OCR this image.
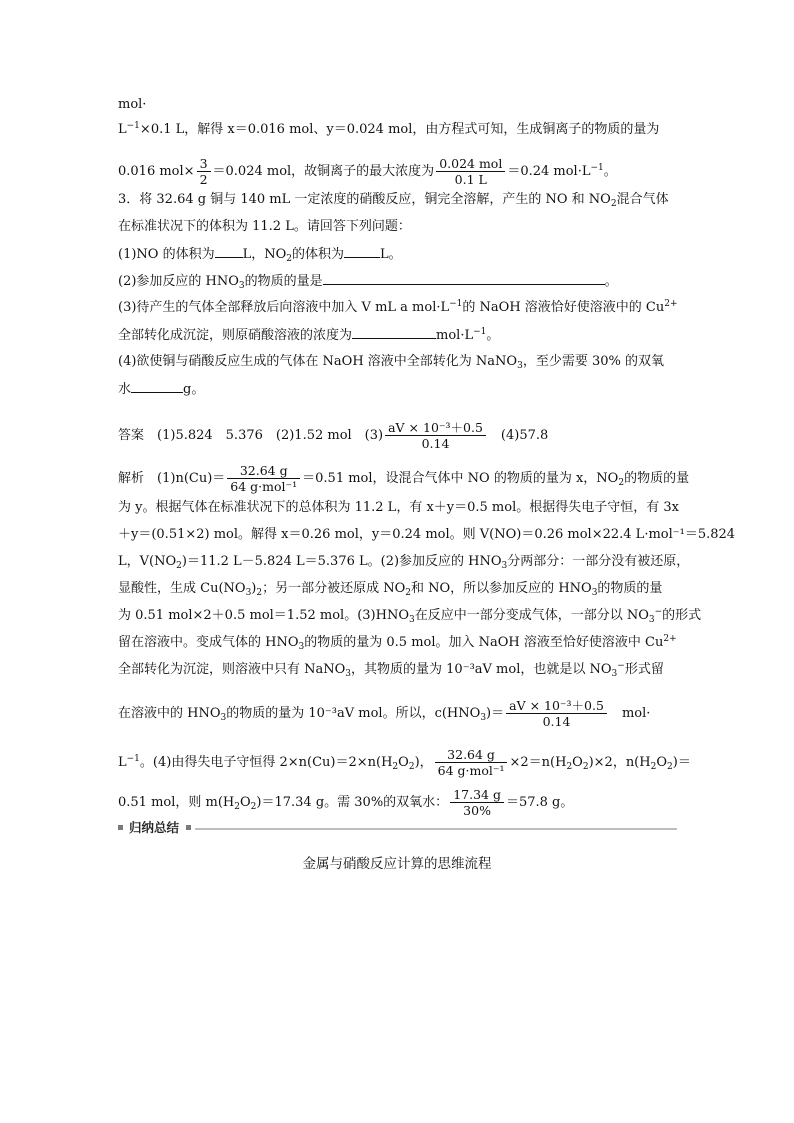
mol·
$L^{-1}\times 0.1$ L，解得 x＝0.016 mol、y＝0.024 mol，由方程式可知，生成铜离子的物质的量为
0.016 $mol\times \frac{3}{2} =0.024$ mol，故铜离子的最大浓度为 $\frac{\text{0.024 mol}}{0.1 L} =0.24$ $mol\cdot L^{-1}$。
3．将 32.64 g 铜与 140 mL 一定浓度的硝酸反应，铜完全溶解，产生的 NO 和 $NO_2$混合气体
在标准状况下的体积为 11.2 L。请回答下列问题：
(1)NO 的体积为 L，$NO_2$的体积为	L。
(2)参加反应的 $HNO_3$的物质的量是	。
(3)待产生的气体全部释放后向溶液中加入 V mL a $mol\cdot L^{-1}$的 NaOH 溶液恰好使溶液中的 $Cu^{2+}$
全部转化成沉淀，则原硝酸溶液的浓度为	$mol\cdot L^{-1}$。
(4)欲使铜与硝酸反应生成的气体在 NaOH 溶液中全部转化为 NaNO$_3$，至少需要 30% 的双氧
水	g。
答案　 (1)5.824　5.376　(2)1.52 mol　$(3) \frac{\text{aV × 10⁻³＋0.5}}{0.14}$
　 (4)57.8
解析　 $(1)n(Cu)= \frac{32.64 g}{\text{64 g·mol⁻¹}} =0.51$ mol，设混合气体中 NO 的物质的量为 x，$NO_2$的物质的量
为 y。根据气体在标准状况下的总体积为 11.2 L，有 x＋y＝0.5 mol。根据得失电子守恒，有 3x
＋y＝(0.51×2) mol。解得 x＝0.26 mol，y＝0.24 mol。则 V(NO)＝0.26 mol×22.4 L·mol⁻¹＝5.824
L，$V(NO_2)=11.2$ L－5.824 L＝5.376 L。(2)参加反应的 $HNO_3$分两部分：一部分没有被还原，
显酸性，生成 $Cu(NO_3)_2$；另一部分被还原成 $NO_2$和 NO，所以参加反应的 $HNO_3$的物质的量
为 0.51 mol×2＋0.5 mol＝1.52 mol。$(3)HNO_3$在反应中一部分变成气体，一部分以 $NO_3^-$的形式
留在溶液中。变成气体的 $HNO_3$的物质的量为 0.5 mol。加入 NaOH 溶液至恰好使溶液中 $Cu^{2+}$
全部转化为沉淀，则溶液中只有 NaNO$_3$，其物质的量为 10⁻³aV mol，也就是以 $NO_3^-$形式留
在溶液中的 $HNO_3$的物质的量为 10⁻³aV mol。所以，$c(HNO_3)= \frac{\text{aV × 10⁻³＋0.5}}{0.14}$
　 mol·
$L^{-1}$。(4)由得失电子守恒得 $2\times n(Cu)=2\times n(H_2O_2)$， $\frac{32.64 g}{\text{64 g·mol⁻¹}} \times 2=n(H_2O_2)\times 2$，$n(H_2O_2)=$
0.51 mol，则 $m(H_2O_2)=17.34$ g。需 30%的双氧水： $\frac{17.34 g}{30\%} =57.8$ g。
归纳总结
金属与硝酸反应计算的思维流程
